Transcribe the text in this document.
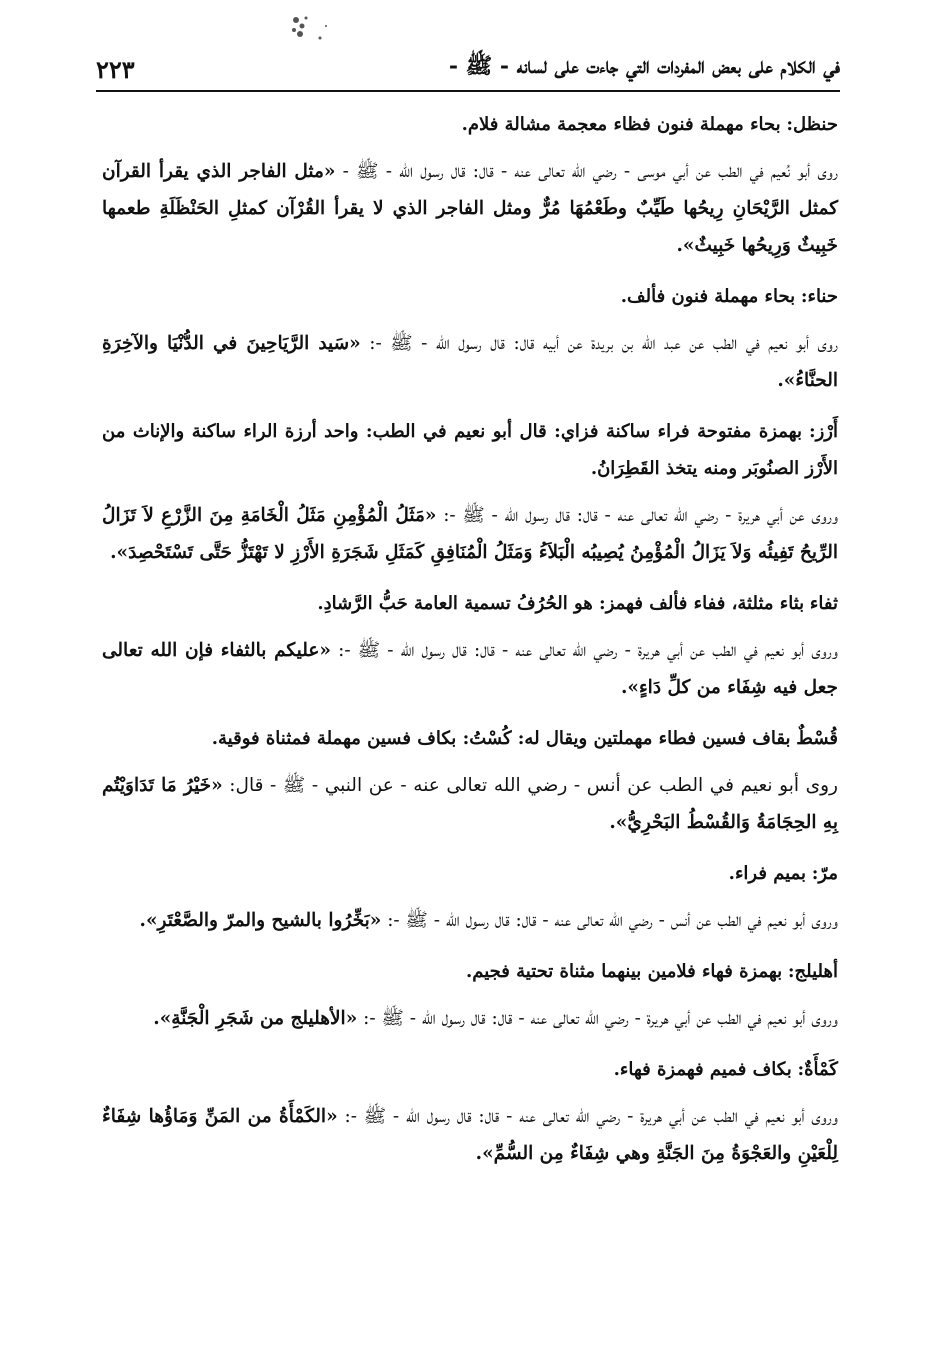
في الكلام على بعض المفردات التي جاءت على لسانه - ﷺ -
٢٢٣

حنظل: بحاء مهملة فنون فظاء معجمة مشالة فلام.

روى أبو نُعيم في الطب عن أبي موسى - رضي الله تعالى عنه - قال: قال رسول الله - ﷺ - «مثل الفاجر الذي يقرأ القرآن كمثل الرَّيْحَانِ رِيحُها طَيِّبٌ وطَعْمُهَا مُرٌّ ومثل الفاجر الذي لا يقرأ القُرْآن كمثلِ الحَنْظَلَةِ طعمها خَبِيثٌ وَرِيحُها خَبِيثٌ».

حناء: بحاء مهملة فنون فألف.

روى أبو نعيم في الطب عن عبد الله بن بريدة عن أبيه قال: قال رسول الله - ﷺ -: «سَيد الرَّيَاحِينَ في الدُّنْيَا والآخِرَةِ الحنَّاءُ».

أَرْز: بهمزة مفتوحة فراء ساكنة فزاي: قال أبو نعيم في الطب: واحد أرزة الراء ساكنة والإناث من الأَرْز الصنُوبَر ومنه يتخذ القَطِرَانُ.

وروى عن أبي هريرة - رضي الله تعالى عنه - قال: قال رسول الله - ﷺ -: «مَثَلُ الْمُؤْمِنِ مَثَلُ الْخَامَةِ مِنَ الزَّرْعِ لاَ تَزَالُ الرِّيحُ تَفِيئُه وَلاَ يَزَالُ الْمُؤْمِنُ يُصِيبُه الْبَلاَءُ وَمَثَلُ الْمُنَافِقِ كَمَثَلِ شَجَرَةِ الأَرْزِ لا تَهْتَزُّ حَتَّى تَسْتَحْصِدَ».

ثفاء بثاء مثلثة، ففاء فألف فهمز: هو الحُرُفُ تسمية العامة حَبُّ الرَّشادِ.

وروى أبو نعيم في الطب عن أبي هريرة - رضي الله تعالى عنه - قال: قال رسول الله - ﷺ -: «عليكم بالثفاء فإن الله تعالى جعل فيه شِفَاء من كلِّ دَاءٍ».

قُسْطٌ بقاف فسين فطاء مهملتين ويقال له: كُسْتُ: بكاف فسين مهملة فمثناة فوقية.

روى أبو نعيم في الطب عن أنس - رضي الله تعالى عنه - عن النبي - ﷺ - قال: «خَيْرُ مَا تَدَاوَيْتُم بِهِ الحِجَامَةُ وَالقُسْطُ البَحْرِيُّ».

مرّ: بميم فراء.

وروى أبو نعيم في الطب عن أنس - رضي الله تعالى عنه - قال: قال رسول الله - ﷺ -: «بَخِّرُوا بالشيح والمرّ والصَّعْتَرِ».

أهليلج: بهمزة فهاء فلامين بينهما مثناة تحتية فجيم.

وروى أبو نعيم في الطب عن أبي هريرة - رضي الله تعالى عنه - قال: قال رسول الله - ﷺ -: «الأهليلج من شَجَرِ الْجَنَّةِ».

كَمْأَةٌ: بكاف فميم فهمزة فهاء.

وروى أبو نعيم في الطب عن أبي هريرة - رضي الله تعالى عنه - قال: قال رسول الله - ﷺ -: «الكَمْأَةُ من المَنِّ وَمَاؤُها شِفَاءٌ لِلْعَيْنِ والعَجْوَةُ مِنَ الجَنَّةِ وهي شِفَاءٌ مِن السُّمِّ».
